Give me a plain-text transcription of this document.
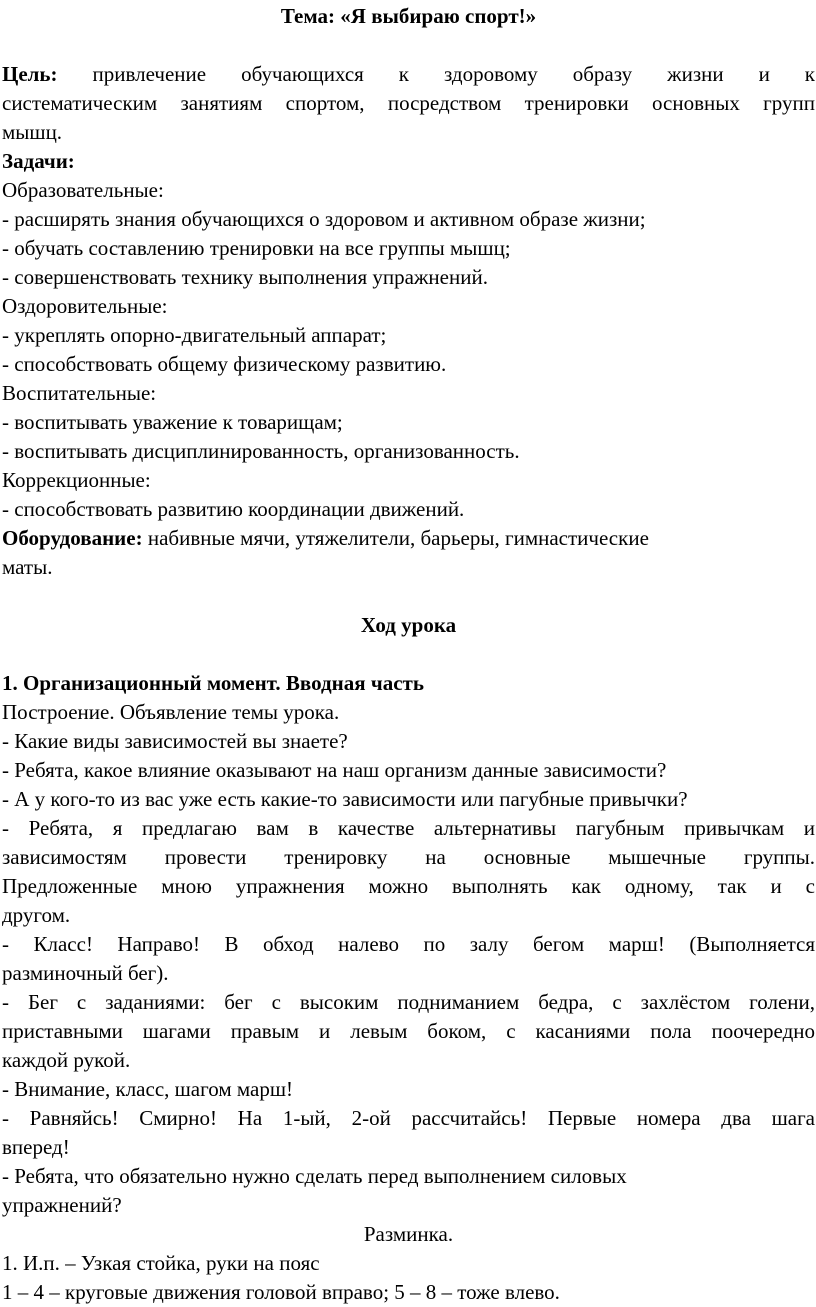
Тема: «Я выбираю спорт!»

Цель: привлечение обучающихся к здоровому образу жизни и к

систематическим занятиям спортом, посредством тренировки основных групп

мышц.

Задачи:

Образовательные:

- расширять знания обучающихся о здоровом и активном образе жизни;

- обучать составлению тренировки на все группы мышц;

- совершенствовать технику выполнения упражнений.

Оздоровительные:

- укреплять опорно-двигательный аппарат;

- способствовать общему физическому развитию.

Воспитательные:

- воспитывать уважение к товарищам;

- воспитывать дисциплинированность, организованность.

Коррекционные:

- способствовать развитию координации движений.

Оборудование: набивные мячи, утяжелители, барьеры, гимнастические

маты.

Ход урока

1. Организационный момент. Вводная часть

Построение. Объявление темы урока.

- Какие виды зависимостей вы знаете?

- Ребята, какое влияние оказывают на наш организм данные зависимости?

- А у кого-то из вас уже есть какие-то зависимости или пагубные привычки?

- Ребята, я предлагаю вам в качестве альтернативы пагубным привычкам и

зависимостям провести тренировку на основные мышечные группы.

Предложенные мною упражнения можно выполнять как одному, так и с

другом.

- Класс! Направо! В обход налево по залу бегом марш! (Выполняется

разминочный бег).

- Бег с заданиями: бег с высоким подниманием бедра, с захлёстом голени,

приставными шагами правым и левым боком, с касаниями пола поочередно

каждой рукой.

- Внимание, класс, шагом марш!

- Равняйсь! Смирно! На 1-ый, 2-ой рассчитайсь! Первые номера два шага

вперед!

- Ребята, что обязательно нужно сделать перед выполнением силовых

упражнений?

Разминка.

1. И.п. – Узкая стойка, руки на пояс

1 – 4 – круговые движения головой вправо; 5 – 8 – тоже влево.
